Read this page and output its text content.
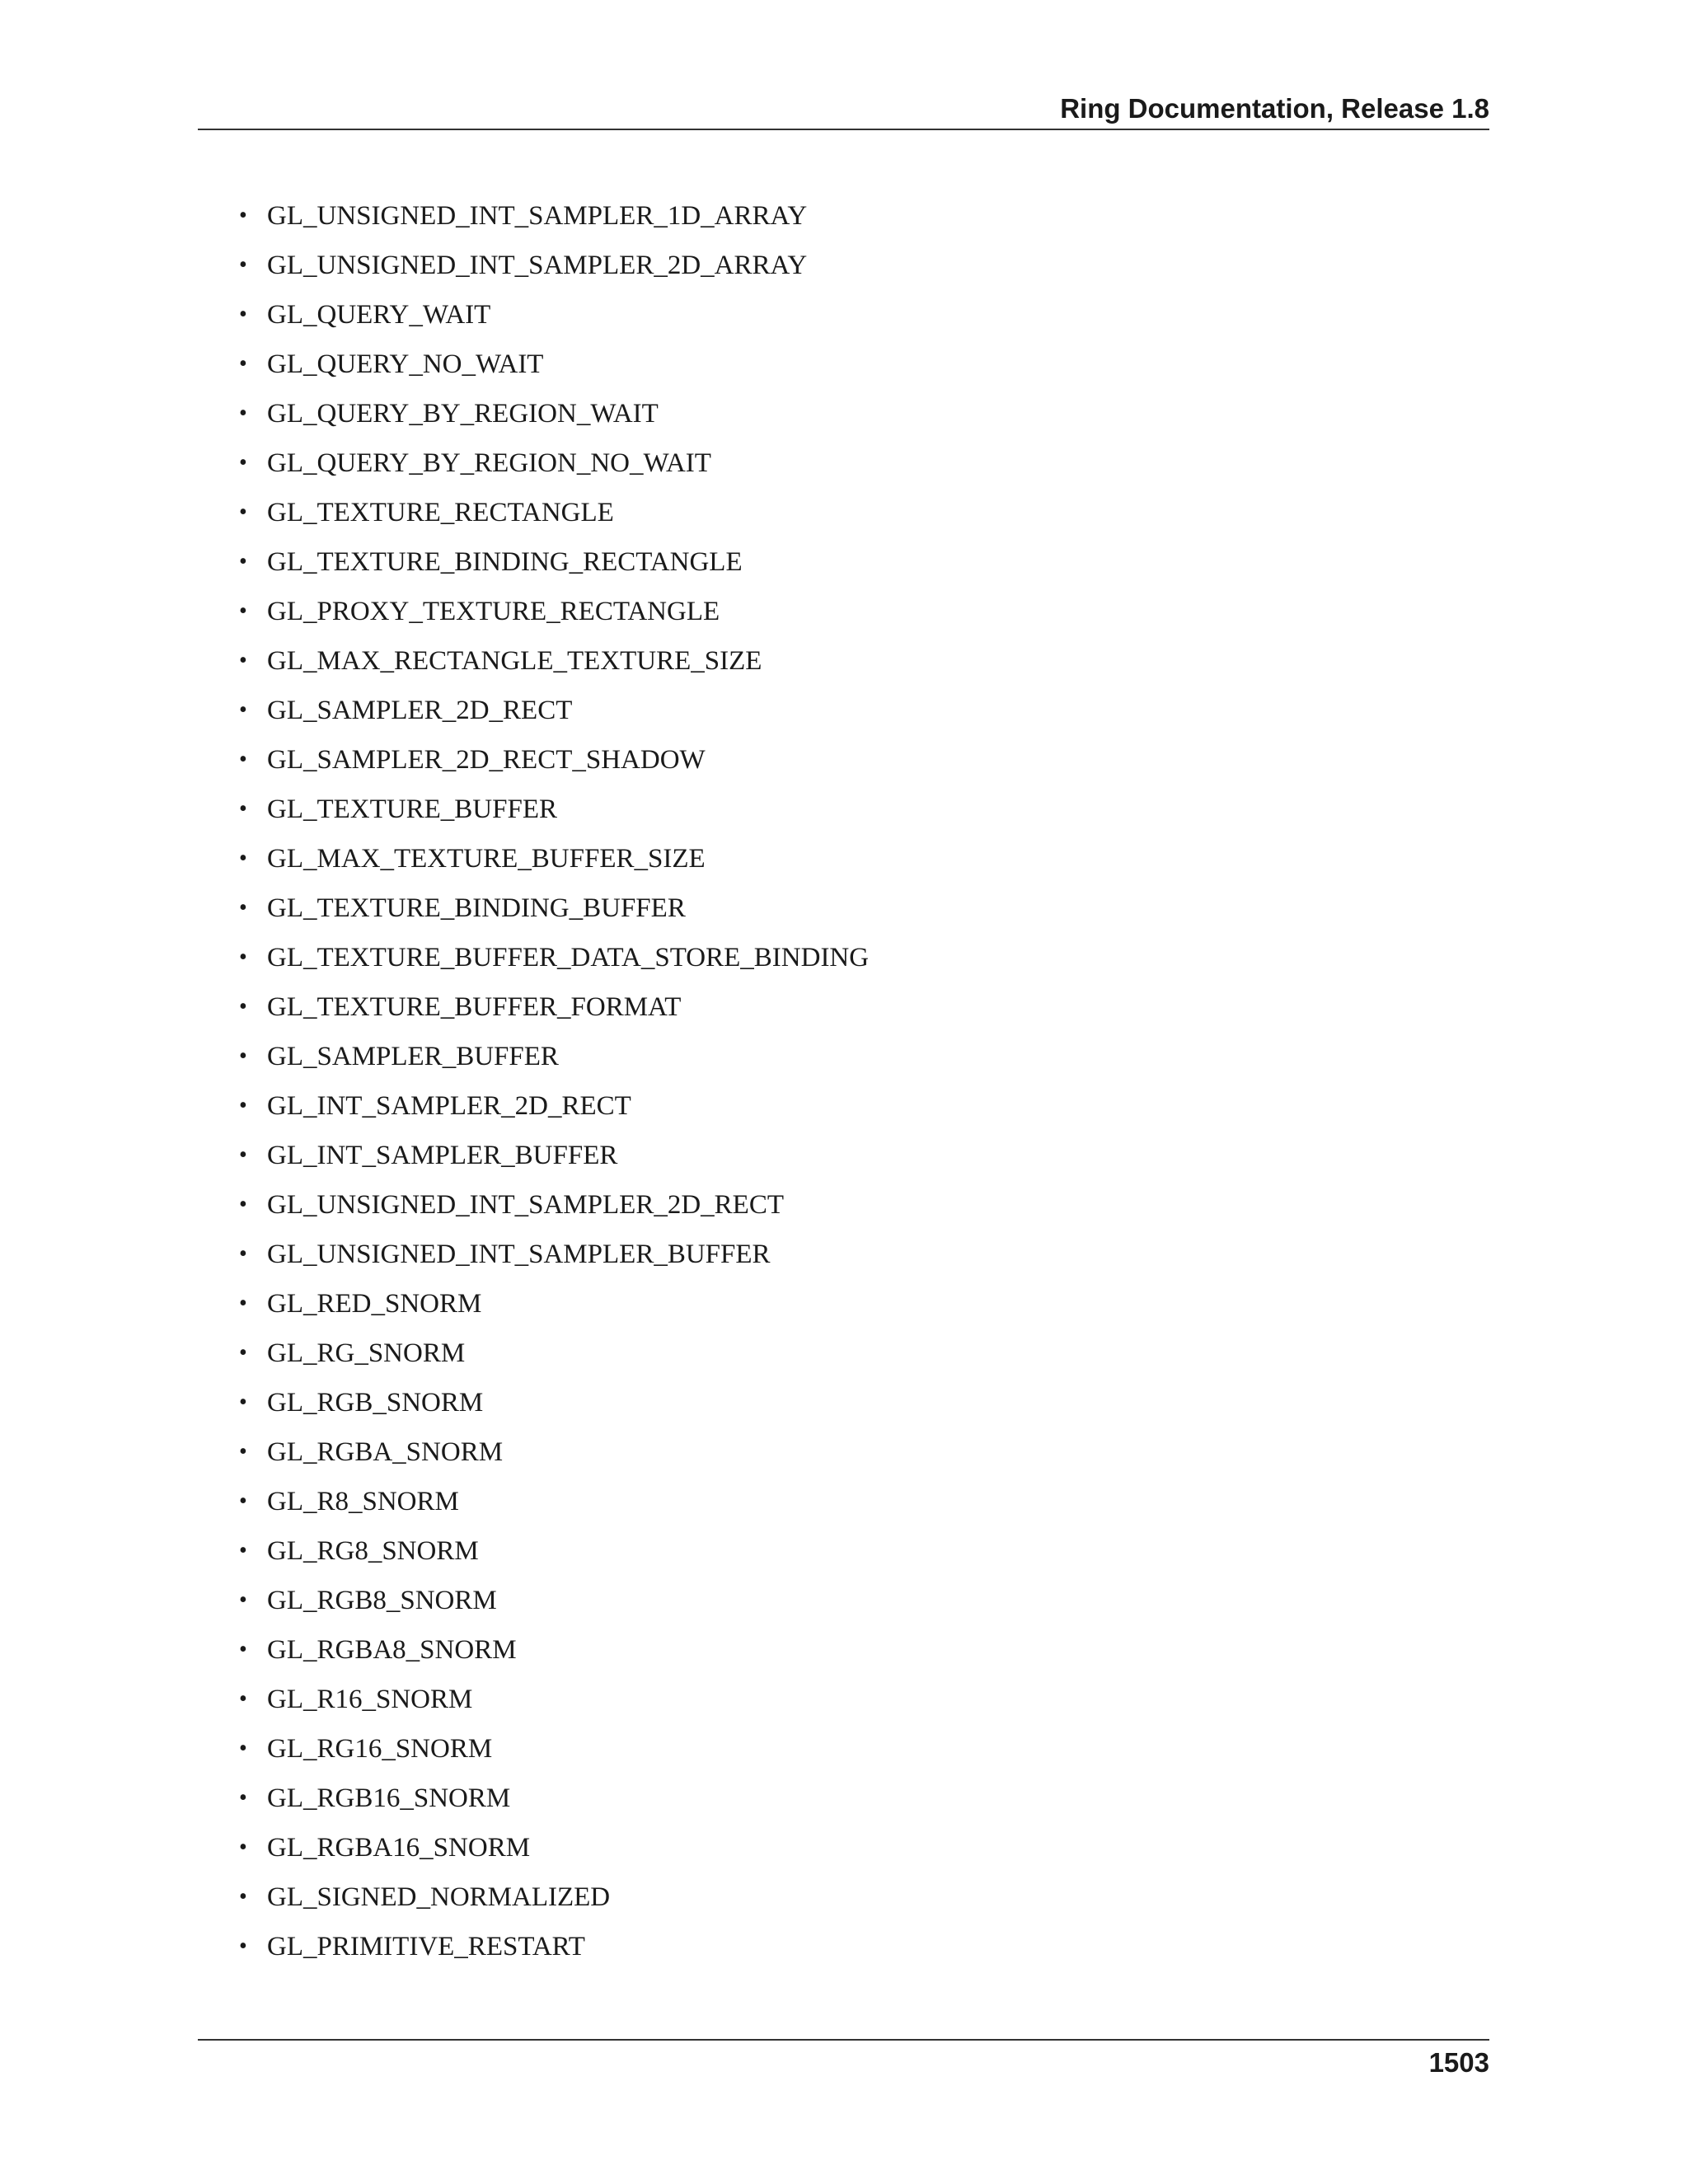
Ring Documentation, Release 1.8
• GL_UNSIGNED_INT_SAMPLER_1D_ARRAY
• GL_UNSIGNED_INT_SAMPLER_2D_ARRAY
• GL_QUERY_WAIT
• GL_QUERY_NO_WAIT
• GL_QUERY_BY_REGION_WAIT
• GL_QUERY_BY_REGION_NO_WAIT
• GL_TEXTURE_RECTANGLE
• GL_TEXTURE_BINDING_RECTANGLE
• GL_PROXY_TEXTURE_RECTANGLE
• GL_MAX_RECTANGLE_TEXTURE_SIZE
• GL_SAMPLER_2D_RECT
• GL_SAMPLER_2D_RECT_SHADOW
• GL_TEXTURE_BUFFER
• GL_MAX_TEXTURE_BUFFER_SIZE
• GL_TEXTURE_BINDING_BUFFER
• GL_TEXTURE_BUFFER_DATA_STORE_BINDING
• GL_TEXTURE_BUFFER_FORMAT
• GL_SAMPLER_BUFFER
• GL_INT_SAMPLER_2D_RECT
• GL_INT_SAMPLER_BUFFER
• GL_UNSIGNED_INT_SAMPLER_2D_RECT
• GL_UNSIGNED_INT_SAMPLER_BUFFER
• GL_RED_SNORM
• GL_RG_SNORM
• GL_RGB_SNORM
• GL_RGBA_SNORM
• GL_R8_SNORM
• GL_RG8_SNORM
• GL_RGB8_SNORM
• GL_RGBA8_SNORM
• GL_R16_SNORM
• GL_RG16_SNORM
• GL_RGB16_SNORM
• GL_RGBA16_SNORM
• GL_SIGNED_NORMALIZED
• GL_PRIMITIVE_RESTART
1503
